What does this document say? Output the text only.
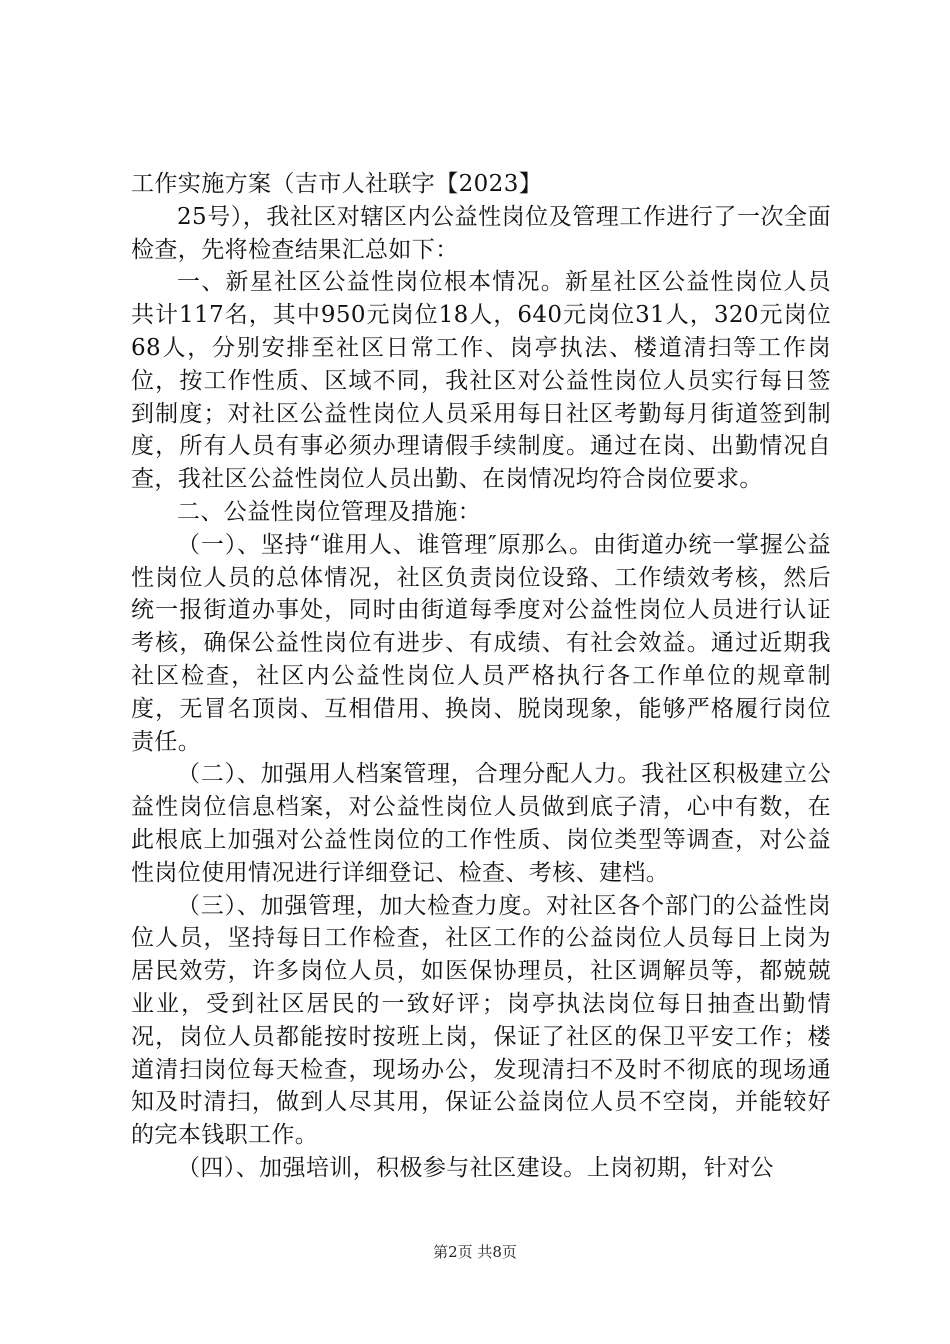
工作实施方案（吉市人社联字【2023】

25号），我社区对辖区内公益性岗位及管理工作进行了一次全面检查，先将检查结果汇总如下：

一、新星社区公益性岗位根本情况。新星社区公益性岗位人员共计117名，其中950元岗位18人，640元岗位31人，320元岗位68人，分别安排至社区日常工作、岗亭执法、楼道清扫等工作岗位，按工作性质、区域不同，我社区对公益性岗位人员实行每日签到制度；对社区公益性岗位人员采用每日社区考勤每月街道签到制度，所有人员有事必须办理请假手续制度。通过在岗、出勤情况自查，我社区公益性岗位人员出勤、在岗情况均符合岗位要求。

二、公益性岗位管理及措施：

（一）、坚持“谁用人、谁管理″原那么。由街道办统一掌握公益性岗位人员的总体情况，社区负责岗位设臵、工作绩效考核，然后统一报街道办事处，同时由街道每季度对公益性岗位人员进行认证考核，确保公益性岗位有进步、有成绩、有社会效益。通过近期我社区检查，社区内公益性岗位人员严格执行各工作单位的规章制度，无冒名顶岗、互相借用、换岗、脱岗现象，能够严格履行岗位责任。

（二）、加强用人档案管理，合理分配人力。我社区积极建立公益性岗位信息档案，对公益性岗位人员做到底子清，心中有数，在此根底上加强对公益性岗位的工作性质、岗位类型等调查，对公益性岗位使用情况进行详细登记、检查、考核、建档。

（三）、加强管理，加大检查力度。对社区各个部门的公益性岗位人员，坚持每日工作检查，社区工作的公益岗位人员每日上岗为居民效劳，许多岗位人员，如医保协理员，社区调解员等，都兢兢业业，受到社区居民的一致好评；岗亭执法岗位每日抽查出勤情况，岗位人员都能按时按班上岗，保证了社区的保卫平安工作；楼道清扫岗位每天检查，现场办公，发现清扫不及时不彻底的现场通知及时清扫，做到人尽其用，保证公益岗位人员不空岗，并能较好的完本钱职工作。

（四）、加强培训，积极参与社区建设。上岗初期，针对公

第2页 共8页
